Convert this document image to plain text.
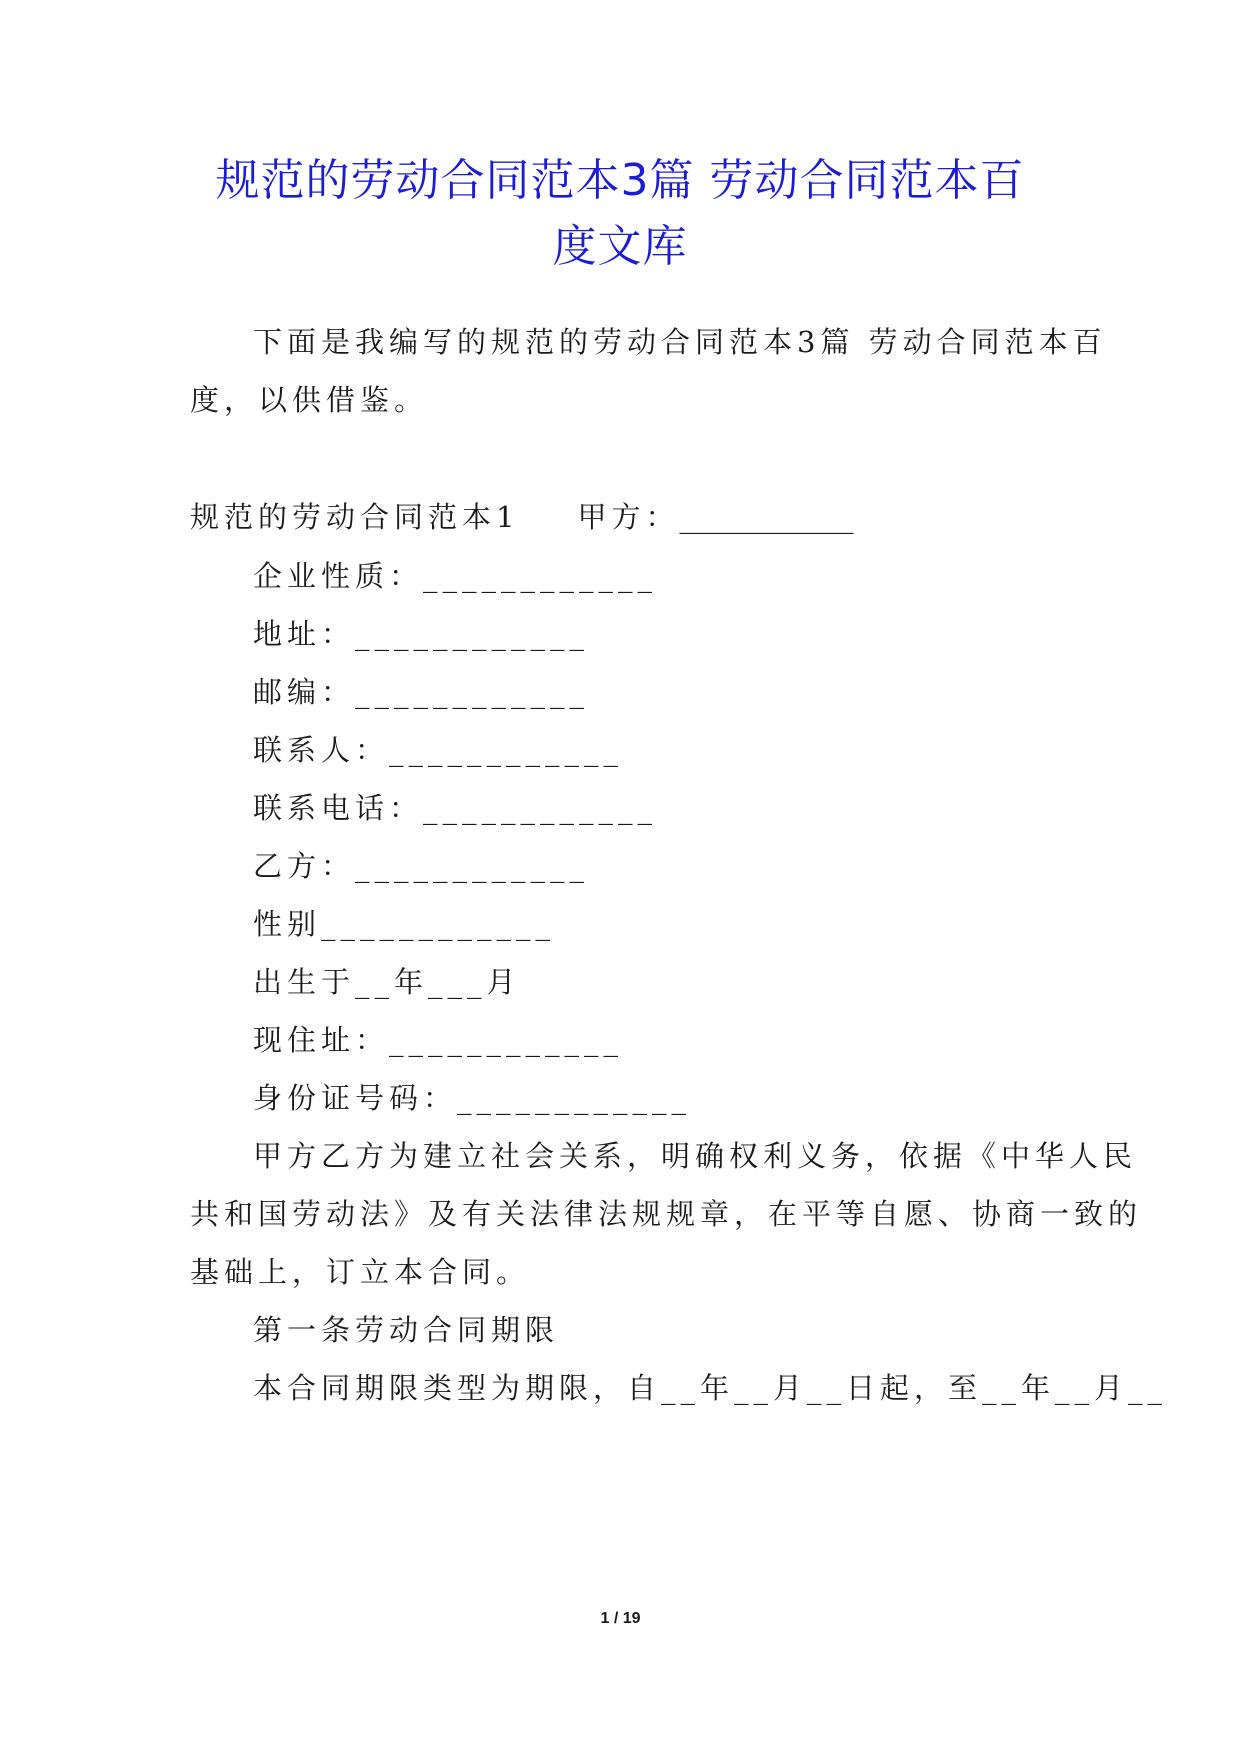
规范的劳动合同范本3篇 劳动合同范本百
度文库

下面是我编写的规范的劳动合同范本3篇 劳动合同范本百

度，以供借鉴。

规范的劳动合同范本1 甲方：____________

企业性质：____________

地址：____________

邮编：____________

联系人：____________

联系电话：____________

乙方：____________

性别____________

出生于__年___月

现住址：____________

身份证号码：____________

甲方乙方为建立社会关系，明确权利义务，依据《中华人民

共和国劳动法》及有关法律法规规章，在平等自愿、协商一致的

基础上，订立本合同。

第一条劳动合同期限

本合同期限类型为期限，自__年__月__日起，至__年__月__

1 / 19
